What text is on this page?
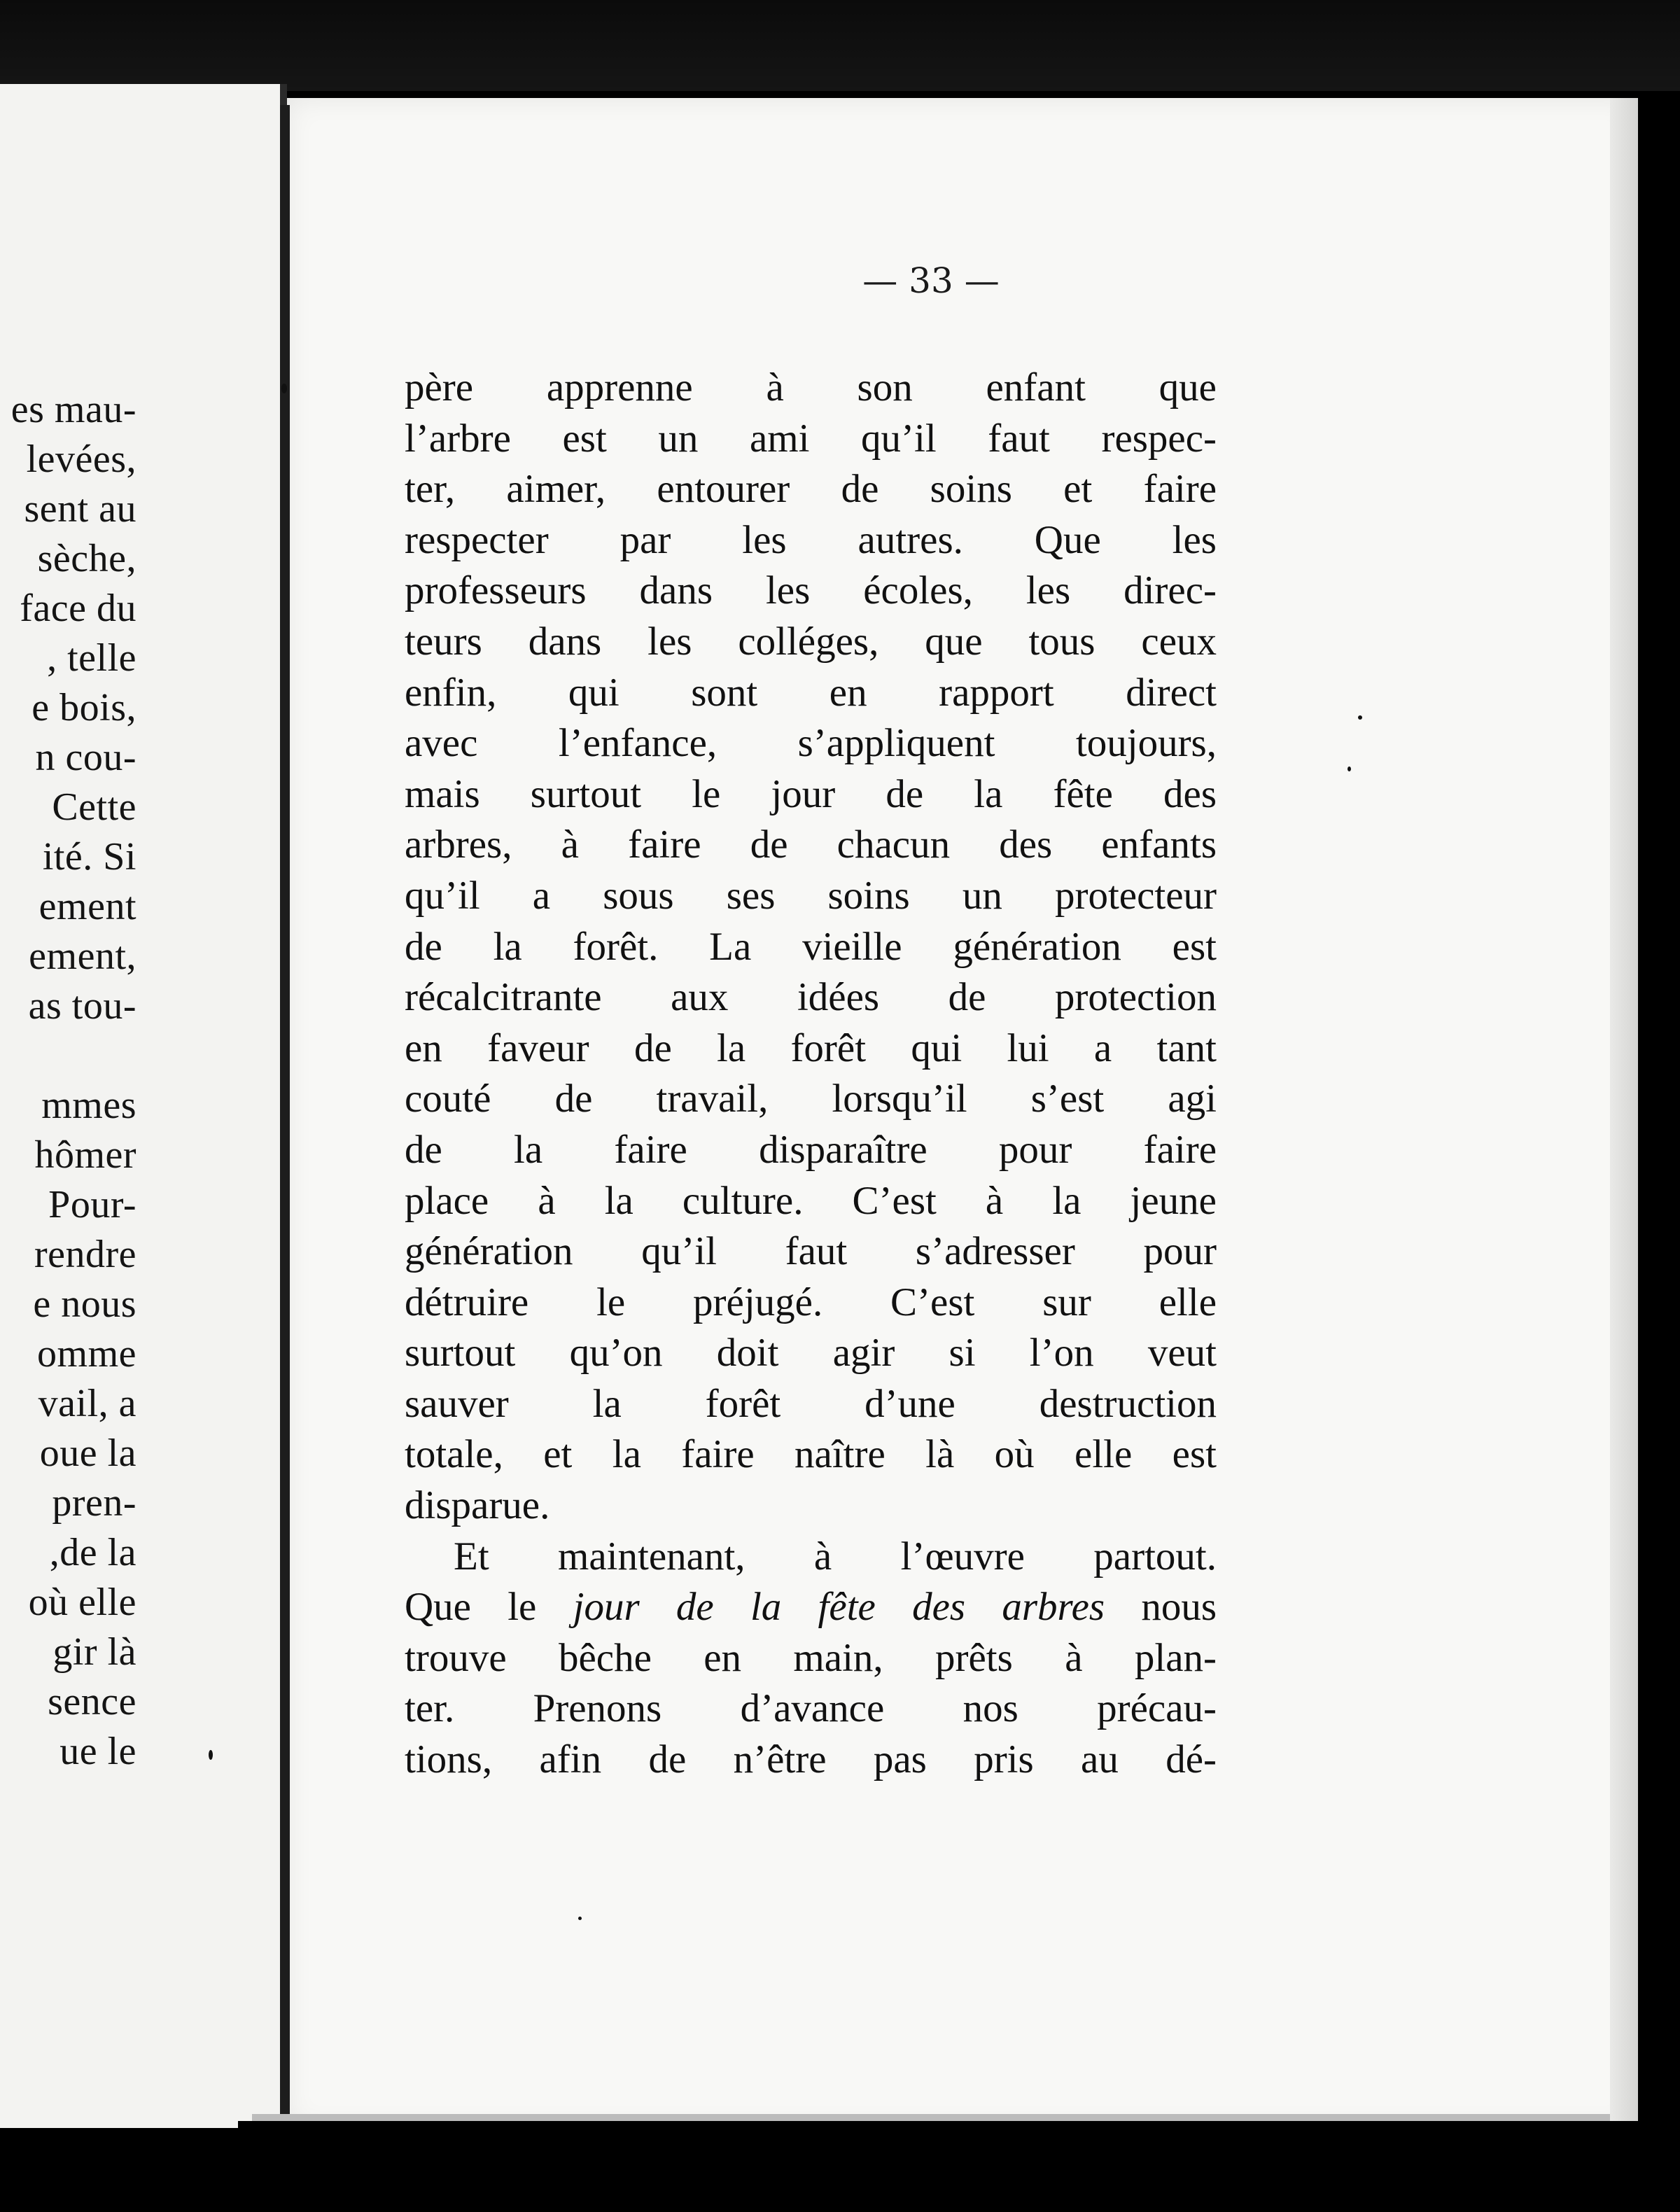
es mau-
levées,
sent au
sèche,
face du
, telle
e bois,
n cou-
Cette
ité. Si
ement
ement,
as tou-
mmes
hômer
Pour-
rendre
e nous
omme
vail, a
oue la
pren-
,de la
où elle
gir là
sence
ue le
— 33 —
père apprenne à son enfant que
l’arbre est un ami qu’il faut respec-
ter, aimer, entourer de soins et faire
respecter par les autres. Que les
professeurs dans les écoles, les direc-
teurs dans les colléges, que tous ceux
enfin, qui sont en rapport direct
avec l’enfance, s’appliquent toujours,
mais surtout le jour de la fête des
arbres, à faire de chacun des enfants
qu’il a sous ses soins un protecteur
de la forêt. La vieille génération est
récalcitrante aux idées de protection
en faveur de la forêt qui lui a tant
couté de travail, lorsqu’il s’est agi
de la faire disparaître pour faire
place à la culture. C’est à la jeune
génération qu’il faut s’adresser pour
détruire le préjugé. C’est sur elle
surtout qu’on doit agir si l’on veut
sauver la forêt d’une destruction
totale, et la faire naître là où elle est
disparue.
Et maintenant, à l’œuvre partout.
Que le jour de la fête des arbres nous
trouve bêche en main, prêts à plan-
ter. Prenons d’avance nos précau-
tions, afin de n’être pas pris au dé-
